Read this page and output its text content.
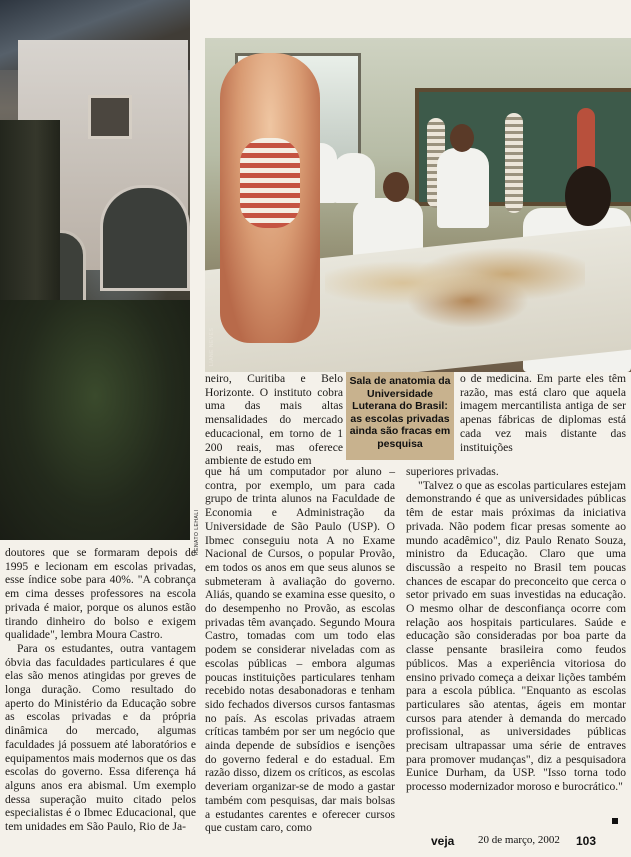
LIANE NEVES
RENATO LEHALI
Sala de anatomia da Universidade Luterana do Brasil: as escolas privadas ainda são fracas em pesquisa

doutores que se formaram depois de 1995 e lecionam em escolas privadas, esse índice sobe para 40%. "A cobrança em cima desses professores na escola privada é maior, porque os alunos estão tirando dinheiro do bolso e exigem qualidade", lembra Moura Castro.

Para os estudantes, outra vantagem óbvia das faculdades particulares é que elas são menos atingidas por greves de longa duração. Como resultado do aperto do Ministério da Educação sobre as escolas privadas e da própria dinâmica do mercado, algumas faculdades já possuem até laboratórios e equipamentos mais modernos que os das escolas do governo. Essa diferença há alguns anos era abismal. Um exemplo dessa superação muito citado pelos especialistas é o Ibmec Educacional, que tem unidades em São Paulo, Rio de Ja-

neiro, Curitiba e Belo Horizonte. O instituto cobra uma das mais altas mensalidades do mercado educacional, em torno de 1 200 reais, mas oferece ambiente de estudo em

que há um computador por aluno – contra, por exemplo, um para cada grupo de trinta alunos na Faculdade de Economia e Administração da Universidade de São Paulo (USP). O Ibmec conseguiu nota A no Exame Nacional de Cursos, o popular Provão, em todos os anos em que seus alunos se submeteram à avaliação do governo. Aliás, quando se examina esse quesito, o do desempenho no Provão, as escolas privadas têm avançado. Segundo Moura Castro, tomadas com um todo elas podem se considerar niveladas com as escolas públicas – embora algumas poucas instituições particulares tenham recebido notas desabonadoras e tenham sido fechados diversos cursos fantasmas no país. As escolas privadas atraem críticas também por ser um negócio que ainda depende de subsídios e isenções do governo federal e do estadual. Em razão disso, dizem os críticos, as escolas deveriam organizar-se de modo a gastar também com pesquisas, dar mais bolsas a estudantes carentes e oferecer cursos que custam caro, como

o de medicina. Em parte eles têm razão, mas está claro que aquela imagem mercantilista antiga de ser apenas fábricas de diplomas está cada vez mais distante das instituições

superiores privadas.

"Talvez o que as escolas particulares estejam demonstrando é que as universidades públicas têm de estar mais próximas da iniciativa privada. Não podem ficar presas somente ao mundo acadêmico", diz Paulo Renato Souza, ministro da Educação. Claro que uma discussão a respeito no Brasil tem poucas chances de escapar do preconceito que cerca o setor privado em suas investidas na educação. O mesmo olhar de desconfiança ocorre com relação aos hospitais particulares. Saúde e educação são consideradas por boa parte da classe pensante brasileira como feudos públicos. Mas a experiência vitoriosa do ensino privado começa a deixar lições também para a escola pública. "Enquanto as escolas particulares são atentas, ágeis em montar cursos para atender à demanda do mercado profissional, as universidades públicas precisam ultrapassar uma série de entraves para promover mudanças", diz a pesquisadora Eunice Durham, da USP. "Isso torna todo processo modernizador moroso e burocrático."

veja 20 de março, 2002 103
